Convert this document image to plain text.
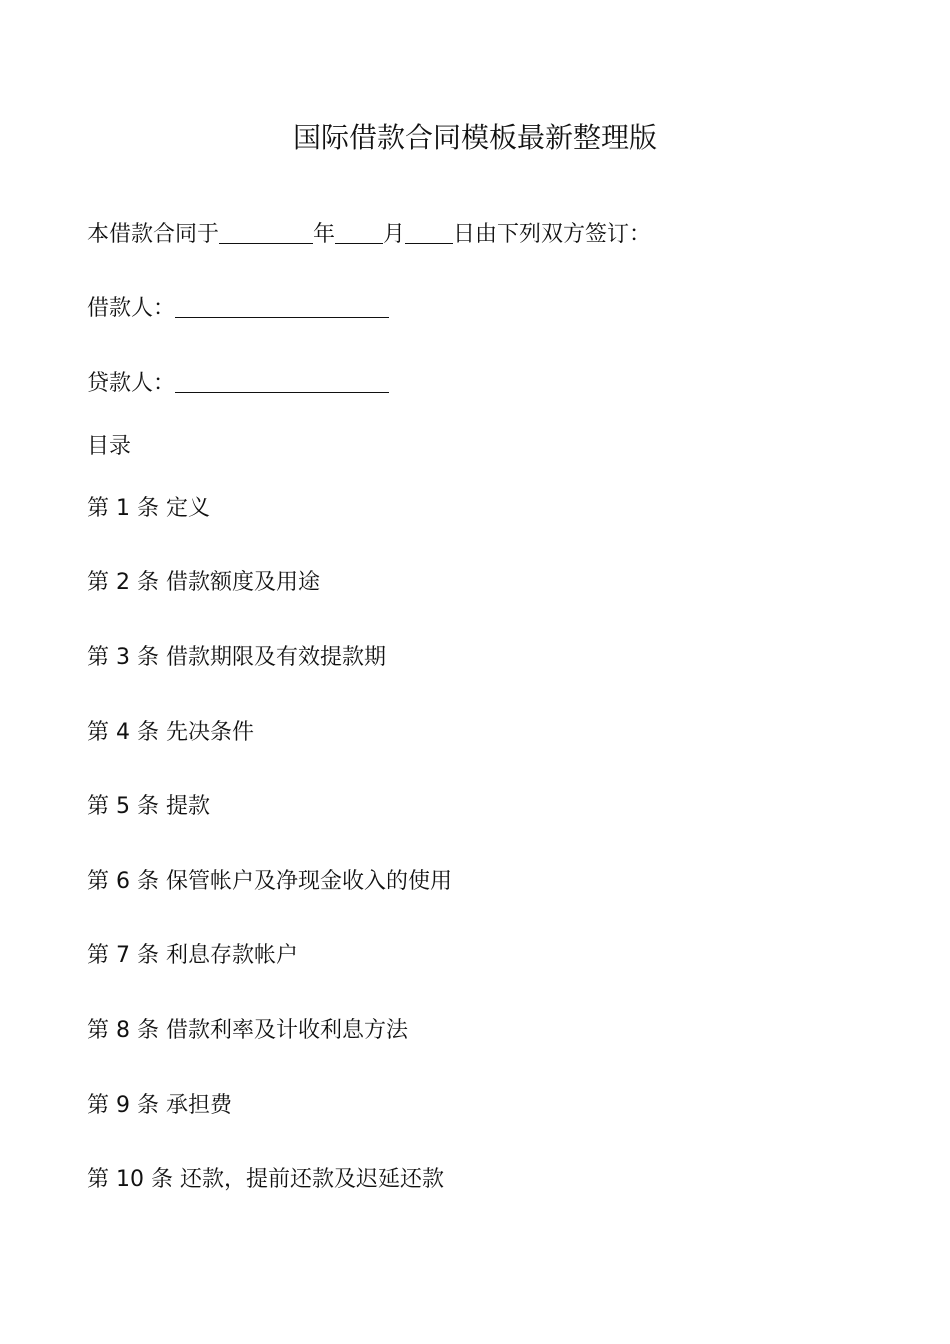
国际借款合同模板最新整理版

本借款合同于	年 月 日由下列双方签订：

借款人：

贷款人：

目录

第 1 条 定义

第 2 条 借款额度及用途

第 3 条 借款期限及有效提款期

第 4 条 先决条件

第 5 条 提款

第 6 条 保管帐户及净现金收入的使用

第 7 条 利息存款帐户

第 8 条 借款利率及计收利息方法

第 9 条 承担费

第 10 条 还款，提前还款及迟延还款
